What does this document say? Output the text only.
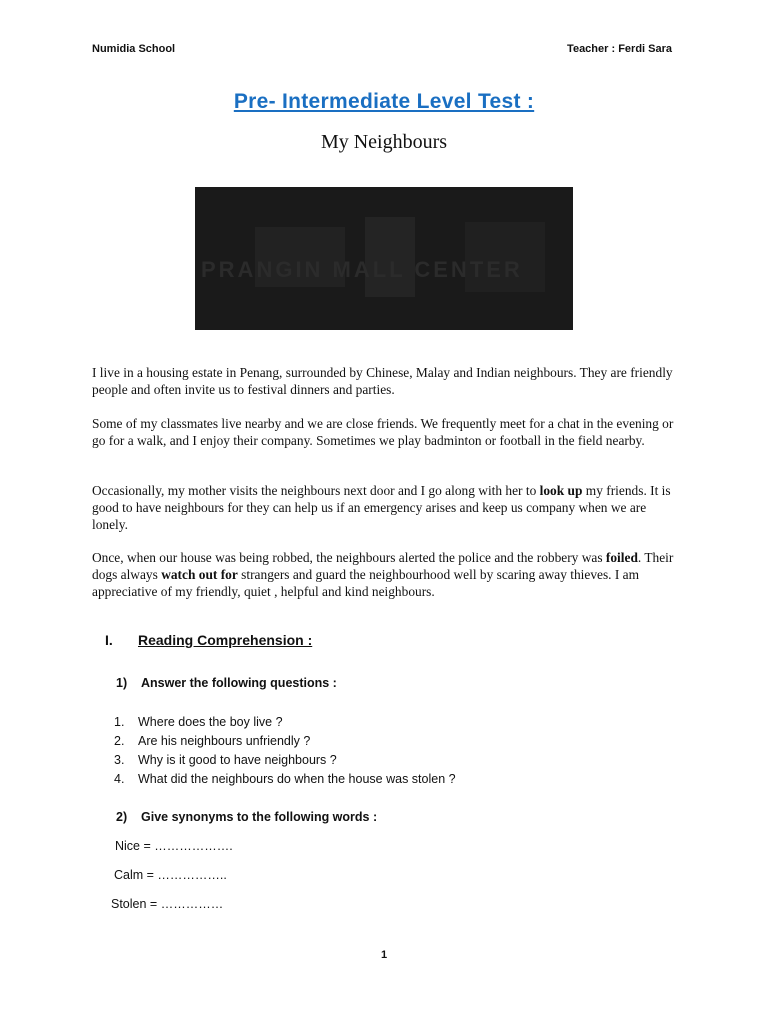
Numidia School	Teacher : Ferdi Sara
Pre- Intermediate Level Test :
My Neighbours
PRANGIN MALL CENTER

I live in a housing estate in Penang, surrounded by Chinese, Malay and Indian neighbours. They are friendly people and often invite us to festival dinners and parties.

Some of my classmates live nearby and we are close friends. We frequently meet for a chat in the evening or go for a walk, and I enjoy their company. Sometimes we play badminton or football in the field nearby.

Occasionally, my mother visits the neighbours next door and I go along with her to look up my friends. It is good to have neighbours for they can help us if an emergency arises and keep us company when we are lonely.

Once, when our house was being robbed, the neighbours alerted the police and the robbery was foiled. Their dogs always watch out for strangers and guard the neighbourhood well by scaring away thieves. I am appreciative of my friendly, quiet , helpful and kind neighbours.

I. Reading Comprehension :
1) Answer the following questions :
1. Where does the boy live ?
2. Are his neighbours unfriendly ?
3. Why is it good to have neighbours ?
4. What did the neighbours do when the house was stolen ?
2) Give synonyms to the following words :
Nice = ……………….
Calm = ……………..
Stolen = ……………
1
